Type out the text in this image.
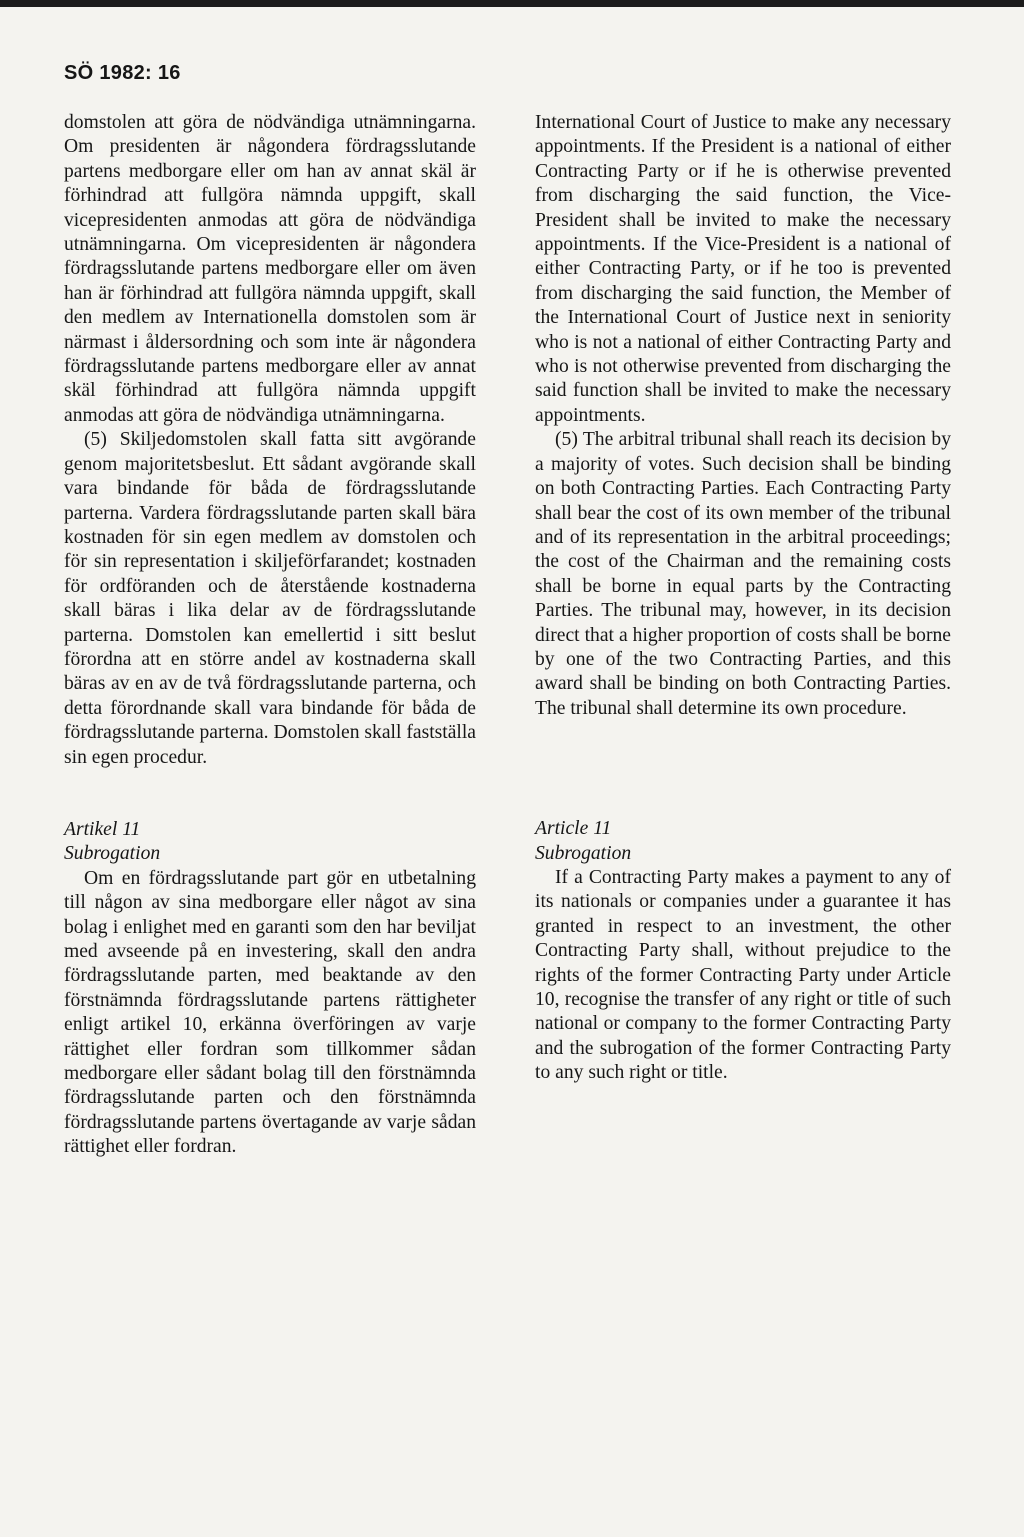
SÖ 1982: 16

domstolen att göra de nödvändiga utnämningarna. Om presidenten är någondera fördragsslutande partens medborgare eller om han av annat skäl är förhindrad att fullgöra nämnda uppgift, skall vicepresidenten anmodas att göra de nödvändiga utnämningarna. Om vicepresidenten är någondera fördragsslutande partens medborgare eller om även han är förhindrad att fullgöra nämnda uppgift, skall den medlem av Internationella domstolen som är närmast i åldersordning och som inte är någondera fördragsslutande partens medborgare eller av annat skäl förhindrad att fullgöra nämnda uppgift anmodas att göra de nödvändiga utnämningarna.

(5) Skiljedomstolen skall fatta sitt avgörande genom majoritetsbeslut. Ett sådant avgörande skall vara bindande för båda de fördragsslutande parterna. Vardera fördragsslutande parten skall bära kostnaden för sin egen medlem av domstolen och för sin representation i skiljeförfarandet; kostnaden för ordföranden och de återstående kostnaderna skall bäras i lika delar av de fördragsslutande parterna. Domstolen kan emellertid i sitt beslut förordna att en större andel av kostnaderna skall bäras av en av de två fördragsslutande parterna, och detta förordnande skall vara bindande för båda de fördragsslutande parterna. Domstolen skall fastställa sin egen procedur.

Artikel 11

Subrogation

Om en fördragsslutande part gör en utbetalning till någon av sina medborgare eller något av sina bolag i enlighet med en garanti som den har beviljat med avseende på en investering, skall den andra fördragsslutande parten, med beaktande av den förstnämnda fördragsslutande partens rättigheter enligt artikel 10, erkänna överföringen av varje rättighet eller fordran som tillkommer sådan medborgare eller sådant bolag till den förstnämnda fördragsslutande parten och den förstnämnda fördragsslutande partens övertagande av varje sådan rättighet eller fordran.

International Court of Justice to make any necessary appointments. If the President is a national of either Contracting Party or if he is otherwise prevented from discharging the said function, the Vice-President shall be invited to make the necessary appointments. If the Vice-President is a national of either Contracting Party, or if he too is prevented from discharging the said function, the Member of the International Court of Justice next in seniority who is not a national of either Contracting Party and who is not otherwise prevented from discharging the said function shall be invited to make the necessary appointments.

(5) The arbitral tribunal shall reach its decision by a majority of votes. Such decision shall be binding on both Contracting Parties. Each Contracting Party shall bear the cost of its own member of the tribunal and of its representation in the arbitral proceedings; the cost of the Chairman and the remaining costs shall be borne in equal parts by the Contracting Parties. The tribunal may, however, in its decision direct that a higher proportion of costs shall be borne by one of the two Contracting Parties, and this award shall be binding on both Contracting Parties. The tribunal shall determine its own procedure.

Article 11

Subrogation

If a Contracting Party makes a payment to any of its nationals or companies under a guarantee it has granted in respect to an investment, the other Contracting Party shall, without prejudice to the rights of the former Contracting Party under Article 10, recognise the transfer of any right or title of such national or company to the former Contracting Party and the subrogation of the former Contracting Party to any such right or title.
